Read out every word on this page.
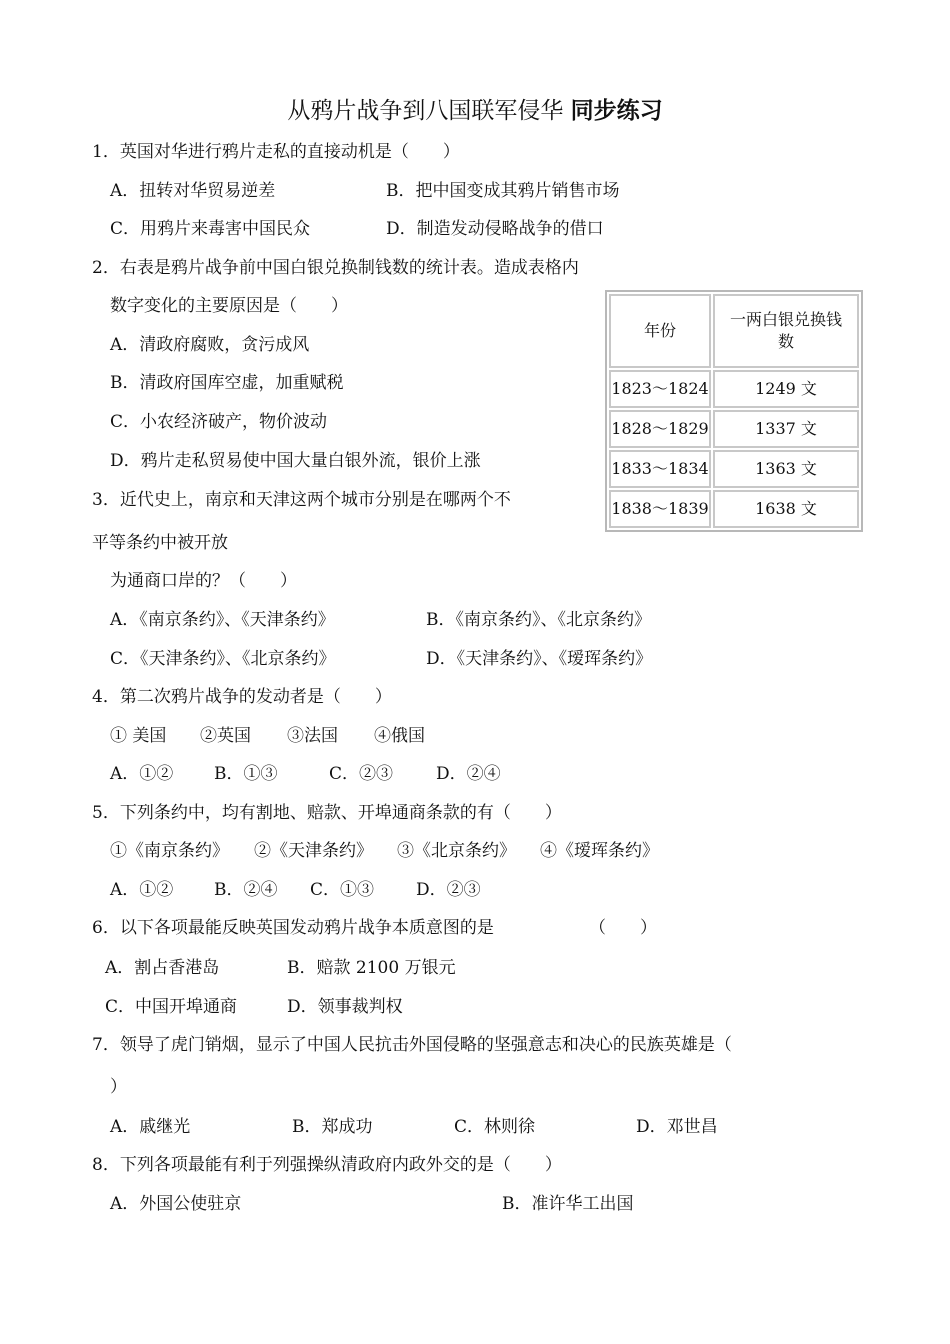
从鸦片战争到八国联军侵华 同步练习
1．英国对华进行鸦片走私的直接动机是（　　）
A．扭转对华贸易逆差	B．把中国变成其鸦片销售市场
C．用鸦片来毒害中国民众	D．制造发动侵略战争的借口
2．右表是鸦片战争前中国白银兑换制钱数的统计表。造成表格内
数字变化的主要原因是（　　）
A．清政府腐败，贪污成风
B．清政府国库空虚，加重赋税
C．小农经济破产，物价波动
D．鸦片走私贸易使中国大量白银外流，银价上涨
年份	一两白银兑换钱
数
1823～1824	1249 文
1828～1829	1337 文
1833～1834	1363 文
1838～1839	1638 文
3．近代史上，南京和天津这两个城市分别是在哪两个不
平等条约中被开放
为通商口岸的？（　　）
A．《南京条约》、《天津条约》	B．《南京条约》、《北京条约》
C．《天津条约》、《北京条约》	D．《天津条约》、《瑷珲条约》
4．第二次鸦片战争的发动者是（　　）
① 美国 ②英国 ③法国 ④俄国
A．①② B．①③	C．②③	D．②④
5．下列条约中，均有割地、赔款、开埠通商条款的有（　　）
①《南京条约》 ②《天津条约》 ③《北京条约》 ④《瑷珲条约》
A．①② B．②④ C．①③ D．②③
6．以下各项最能反映英国发动鸦片战争本质意图的是	（　　）
A．割占香港岛	B．赔款 2100 万银元
C．中国开埠通商	D．领事裁判权
7．领导了虎门销烟，显示了中国人民抗击外国侵略的坚强意志和决心的民族英雄是（
）
A．戚继光	B．郑成功	C．林则徐	D．邓世昌
8．下列各项最能有利于列强操纵清政府内政外交的是（　　）
A．外国公使驻京	B．准许华工出国
